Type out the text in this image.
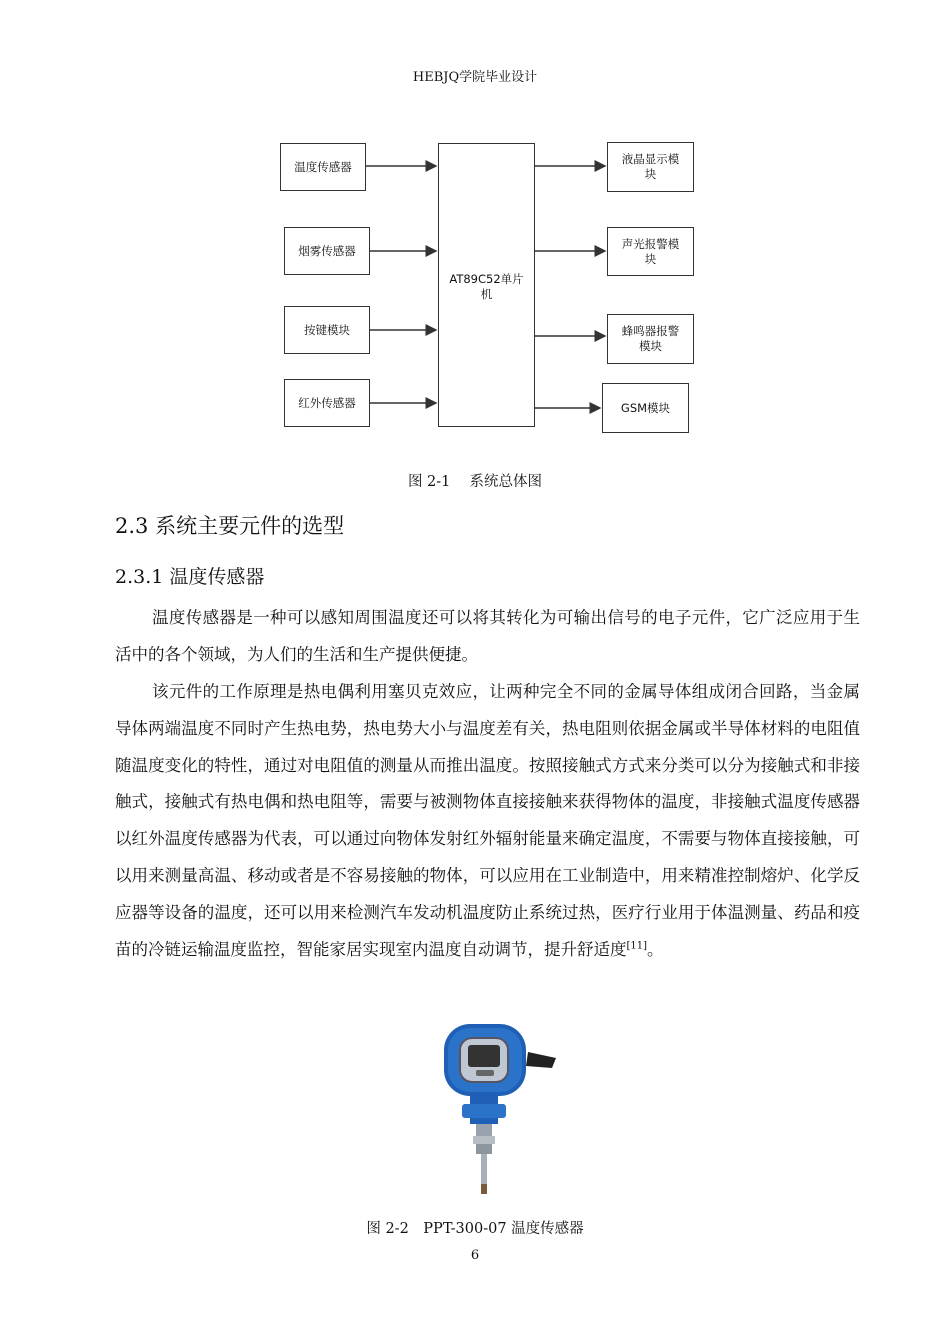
HEBJQ学院毕业设计
温度传感器
烟雾传感器
按键模块
红外传感器
AT89C52单片机
液晶显示模块
声光报警模块
蜂鸣器报警模块
GSM模块
图 2-1　 系统总体图
2.3 系统主要元件的选型
2.3.1 温度传感器

温度传感器是一种可以感知周围温度还可以将其转化为可输出信号的电子元件，它广泛应用于生活中的各个领域，为人们的生活和生产提供便捷。

该元件的工作原理是热电偶利用塞贝克效应，让两种完全不同的金属导体组成闭合回路，当金属导体两端温度不同时产生热电势，热电势大小与温度差有关，热电阻则依据金属或半导体材料的电阻值随温度变化的特性，通过对电阻值的测量从而推出温度。按照接触式方式来分类可以分为接触式和非接触式，接触式有热电偶和热电阻等，需要与被测物体直接接触来获得物体的温度，非接触式温度传感器以红外温度传感器为代表，可以通过向物体发射红外辐射能量来确定温度，不需要与物体直接接触，可以用来测量高温、移动或者是不容易接触的物体，可以应用在工业制造中，用来精准控制熔炉、化学反应器等设备的温度，还可以用来检测汽车发动机温度防止系统过热，医疗行业用于体温测量、药品和疫苗的冷链运输温度监控，智能家居实现室内温度自动调节，提升舒适度[11]。

图 2-2　PPT-300-07 温度传感器
6
